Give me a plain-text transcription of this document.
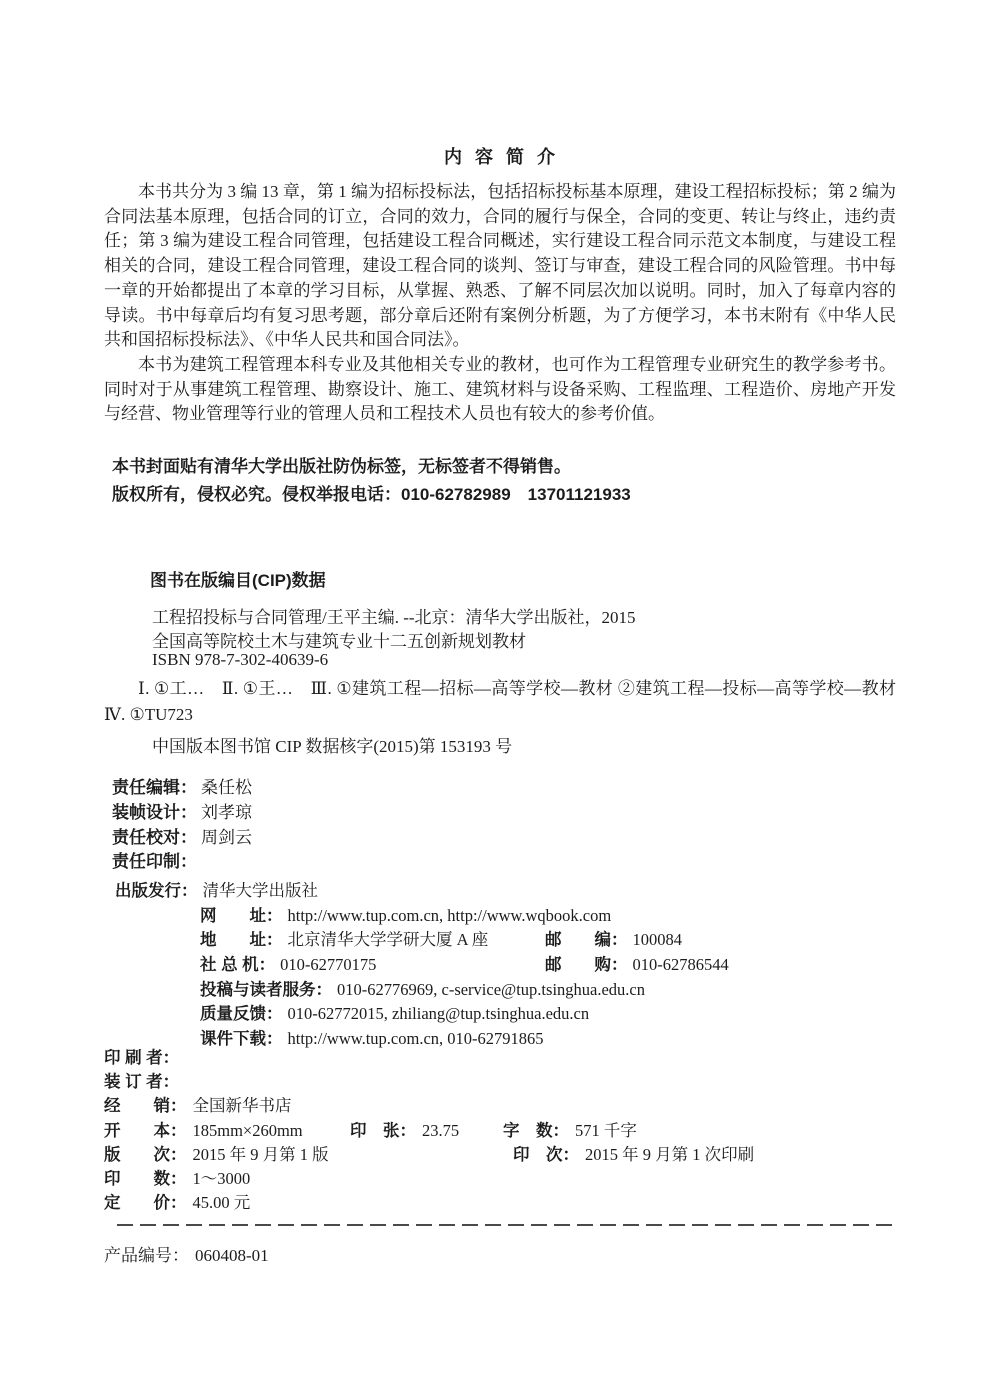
内 容 简 介

本书共分为 3 编 13 章，第 1 编为招标投标法，包括招标投标基本原理，建设工程招标投标；第 2 编为合同法基本原理，包括合同的订立，合同的效力，合同的履行与保全，合同的变更、转让与终止，违约责任；第 3 编为建设工程合同管理，包括建设工程合同概述，实行建设工程合同示范文本制度，与建设工程相关的合同，建设工程合同管理，建设工程合同的谈判、签订与审查，建设工程合同的风险管理。书中每一章的开始都提出了本章的学习目标，从掌握、熟悉、了解不同层次加以说明。同时，加入了每章内容的导读。书中每章后均有复习思考题，部分章后还附有案例分析题，为了方便学习，本书末附有《中华人民共和国招标投标法》、《中华人民共和国合同法》。

本书为建筑工程管理本科专业及其他相关专业的教材，也可作为工程管理专业研究生的教学参考书。同时对于从事建筑工程管理、勘察设计、施工、建筑材料与设备采购、工程监理、工程造价、房地产开发与经营、物业管理等行业的管理人员和工程技术人员也有较大的参考价值。

本书封面贴有清华大学出版社防伪标签，无标签者不得销售。

版权所有，侵权必究。侵权举报电话：010-62782989　13701121933

图书在版编目(CIP)数据
工程招投标与合同管理/王平主编. --北京：清华大学出版社，2015
全国高等院校土木与建筑专业十二五创新规划教材
ISBN 978-7-302-40639-6
Ⅰ. ①工…　Ⅱ. ①王…　Ⅲ. ①建筑工程—招标—高等学校—教材 ②建筑工程—投标—高等学校—教材　Ⅳ. ①TU723
中国版本图书馆 CIP 数据核字(2015)第 153193 号
责任编辑： 桑任松
装帧设计： 刘孝琼
责任校对： 周剑云
责任印制：
出版发行： 清华大学出版社
网　　址： http://www.tup.com.cn, http://www.wqbook.com
地　　址： 北京清华大学学研大厦 A 座	邮　　编： 100084
社 总 机： 010-62770175	邮　　购： 010-62786544
投稿与读者服务： 010-62776969, c-service@tup.tsinghua.edu.cn
质量反馈： 010-62772015, zhiliang@tup.tsinghua.edu.cn
课件下载： http://www.tup.com.cn, 010-62791865
印 刷 者：
装 订 者：
经　　销： 全国新华书店
开　　本： 185mm×260mm	印　张： 23.75	字　数： 571 千字
版　　次： 2015 年 9 月第 1 版	印　次： 2015 年 9 月第 1 次印刷
印　　数： 1～3000
定　　价： 45.00 元
产品编号： 060408-01
